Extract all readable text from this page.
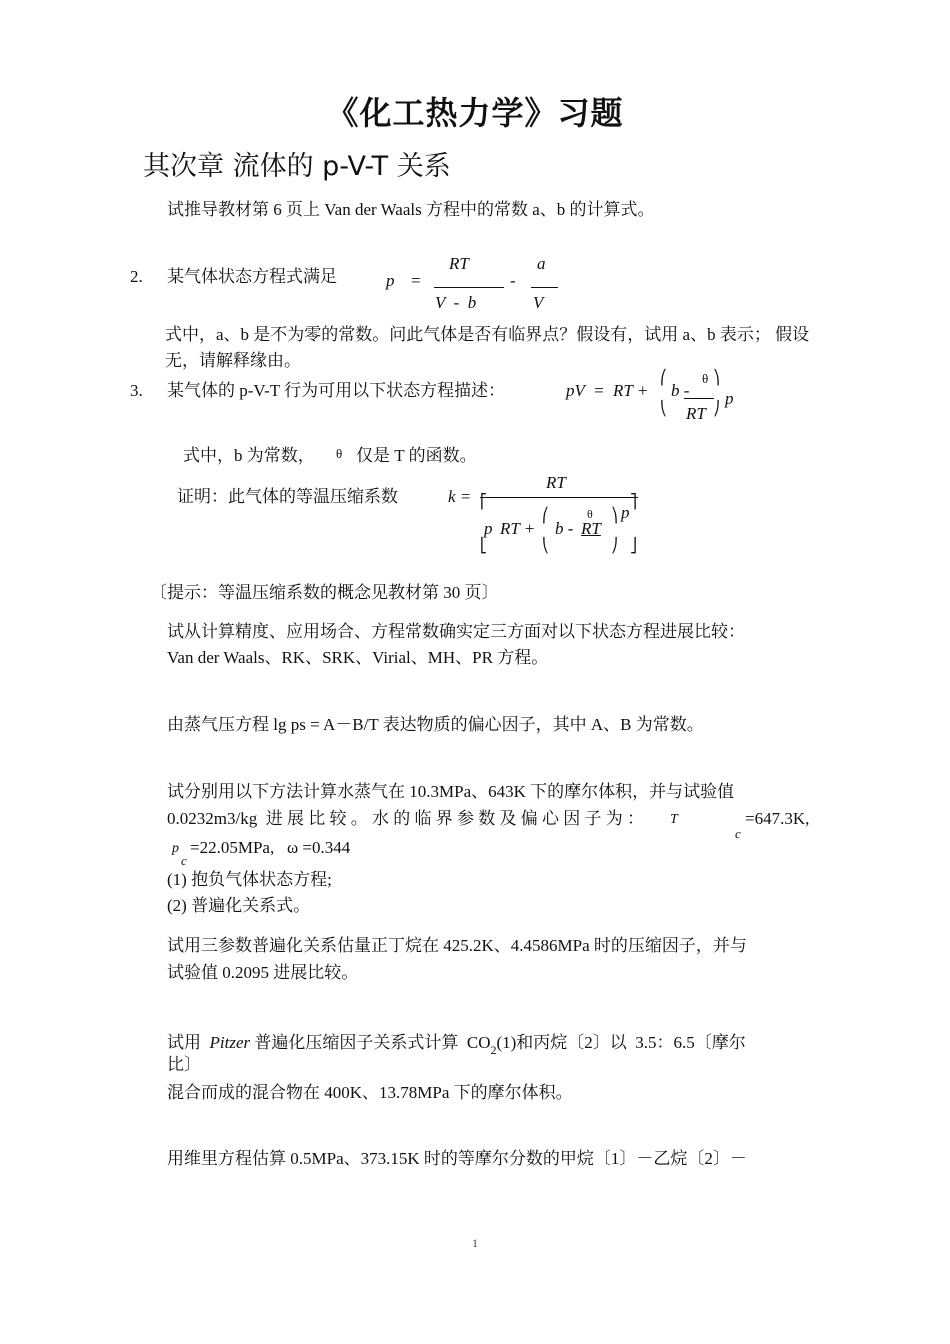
《化工热力学》习题
其次章 流体的 p-V-T 关系
试推导教材第 6 页上 Van der Waals 方程中的常数 a、b 的计算式。
2. 某气体状态方程式满足	p =
RT
V  -  b
-
a
V
式中，a、b 是不为零的常数。问此气体是否有临界点？假设有，试用 a、b 表示； 假设无，请解释缘由。
3. 某气体的 p-V-T 行为可用以下状态方程描述：	pV  =  RT +
⎛
⎝
b -
θ
RT
⎞
⎠
p
式中，b 为常数， θ 仅是 T 的函数。
证明：此气体的等温压缩系数	k =
RT
⎡
⎣
p RT +
⎛
⎝
b -
θ
RT
⎞
⎠
p
⎤
⎦
〔提示：等温压缩系数的概念见教材第 30 页〕
试从计算精度、应用场合、方程常数确实定三方面对以下状态方程进展比较：
Van der Waals、RK、SRK、Virial、MH、PR 方程。
由蒸气压方程 lg ps = A－B/T 表达物质的偏心因子，其中 A、B 为常数。
试分别用以下方法计算水蒸气在 10.3MPa、643K 下的摩尔体积，并与试验值
0.0232m3/kg  进 展 比 较 。 水 的 临 界 参 数 及 偏 心 因 子 为 ： T
c
=647.3K,
p
c
=22.05MPa,   ω =0.344
(1) 抱负气体状态方程;
(2) 普遍化关系式。
试用三参数普遍化关系估量正丁烷在 425.2K、4.4586MPa 时的压缩因子，并与
试验值 0.2095 进展比较。
试用  Pitzer 普遍化压缩因子关系式计算  $CO_2(1)$和丙烷〔2〕以  3.5：6.5〔摩尔
比〕
混合而成的混合物在 400K、13.78MPa 下的摩尔体积。
用维里方程估算 0.5MPa、373.15K 时的等摩尔分数的甲烷〔1〕－乙烷〔2〕－
1
